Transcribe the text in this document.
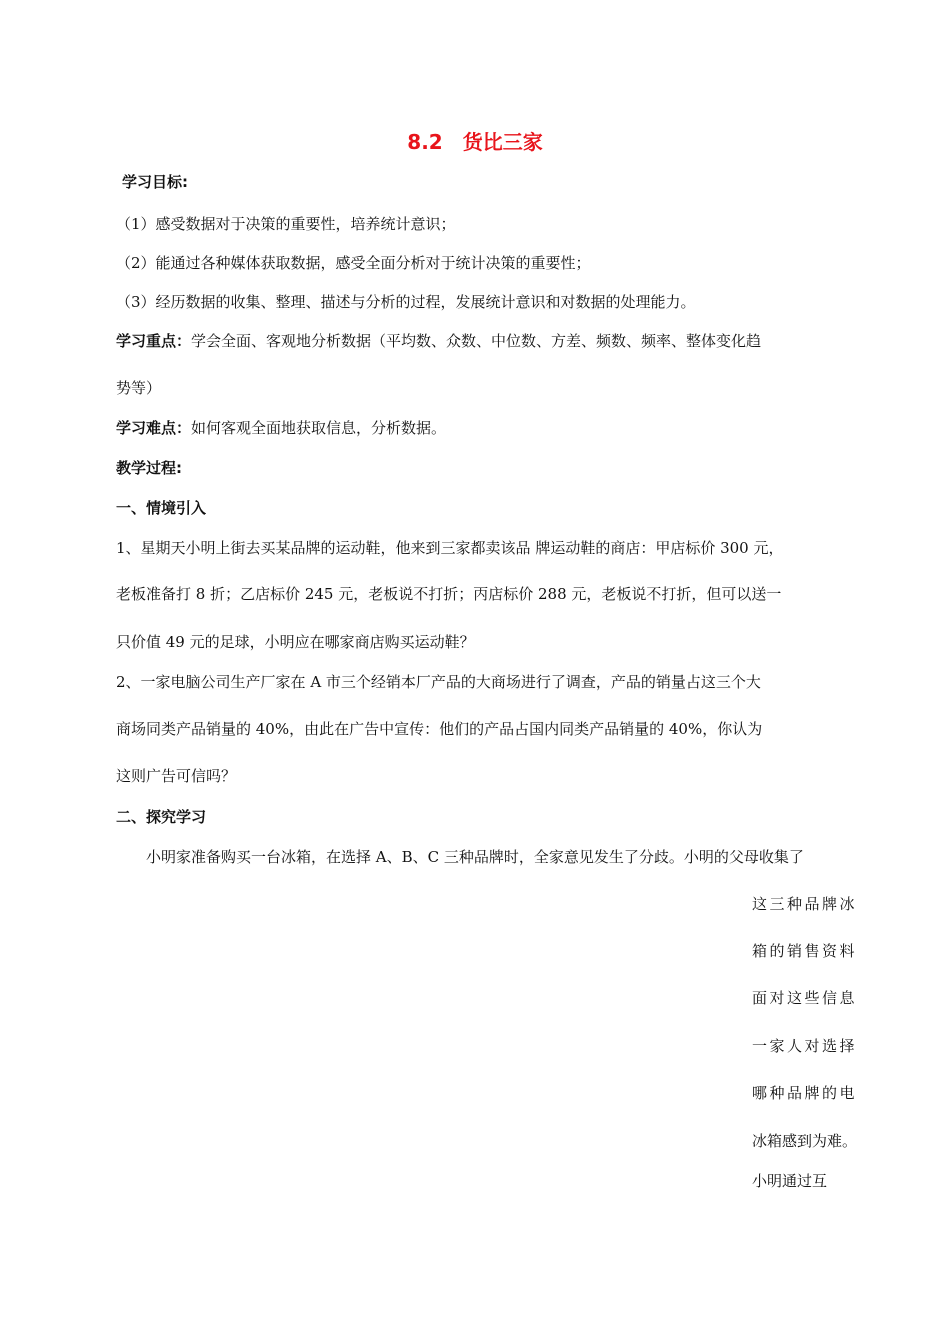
8.2　货比三家
学习目标:
（1）感受数据对于决策的重要性，培养统计意识；
（2）能通过各种媒体获取数据，感受全面分析对于统计决策的重要性；
（3）经历数据的收集、整理、描述与分析的过程，发展统计意识和对数据的处理能力。
学习重点：学会全面、客观地分析数据（平均数、众数、中位数、方差、频数、频率、整体变化趋
势等）
学习难点：如何客观全面地获取信息，分析数据。
教学过程:
一、情境引入
1、星期天小明上街去买某品牌的运动鞋，他来到三家都卖该品 牌运动鞋的商店：甲店标价 300 元，
老板准备打 8 折；乙店标价 245 元，老板说不打折；丙店标价 288 元，老板说不打折，但可以送一
只价值 49 元的足球，小明应在哪家商店购买运动鞋？
2、一家电脑公司生产厂家在 A 市三个经销本厂产品的大商场进行了调查，产品的销量占这三个大
商场同类产品销量的 40%，由此在广告中宣传：他们的产品占国内同类产品销量的 40%，你认为
这则广告可信吗？
二、探究学习
小明家准备购买一台冰箱，在选择 A、B、C 三种品牌时，全家意见发生了分歧。小明的父母收集了
这三种品牌冰
箱的销售资料
面对这些信息
一家人对选择
哪种品牌的电
冰箱感到为难。
小明通过互
